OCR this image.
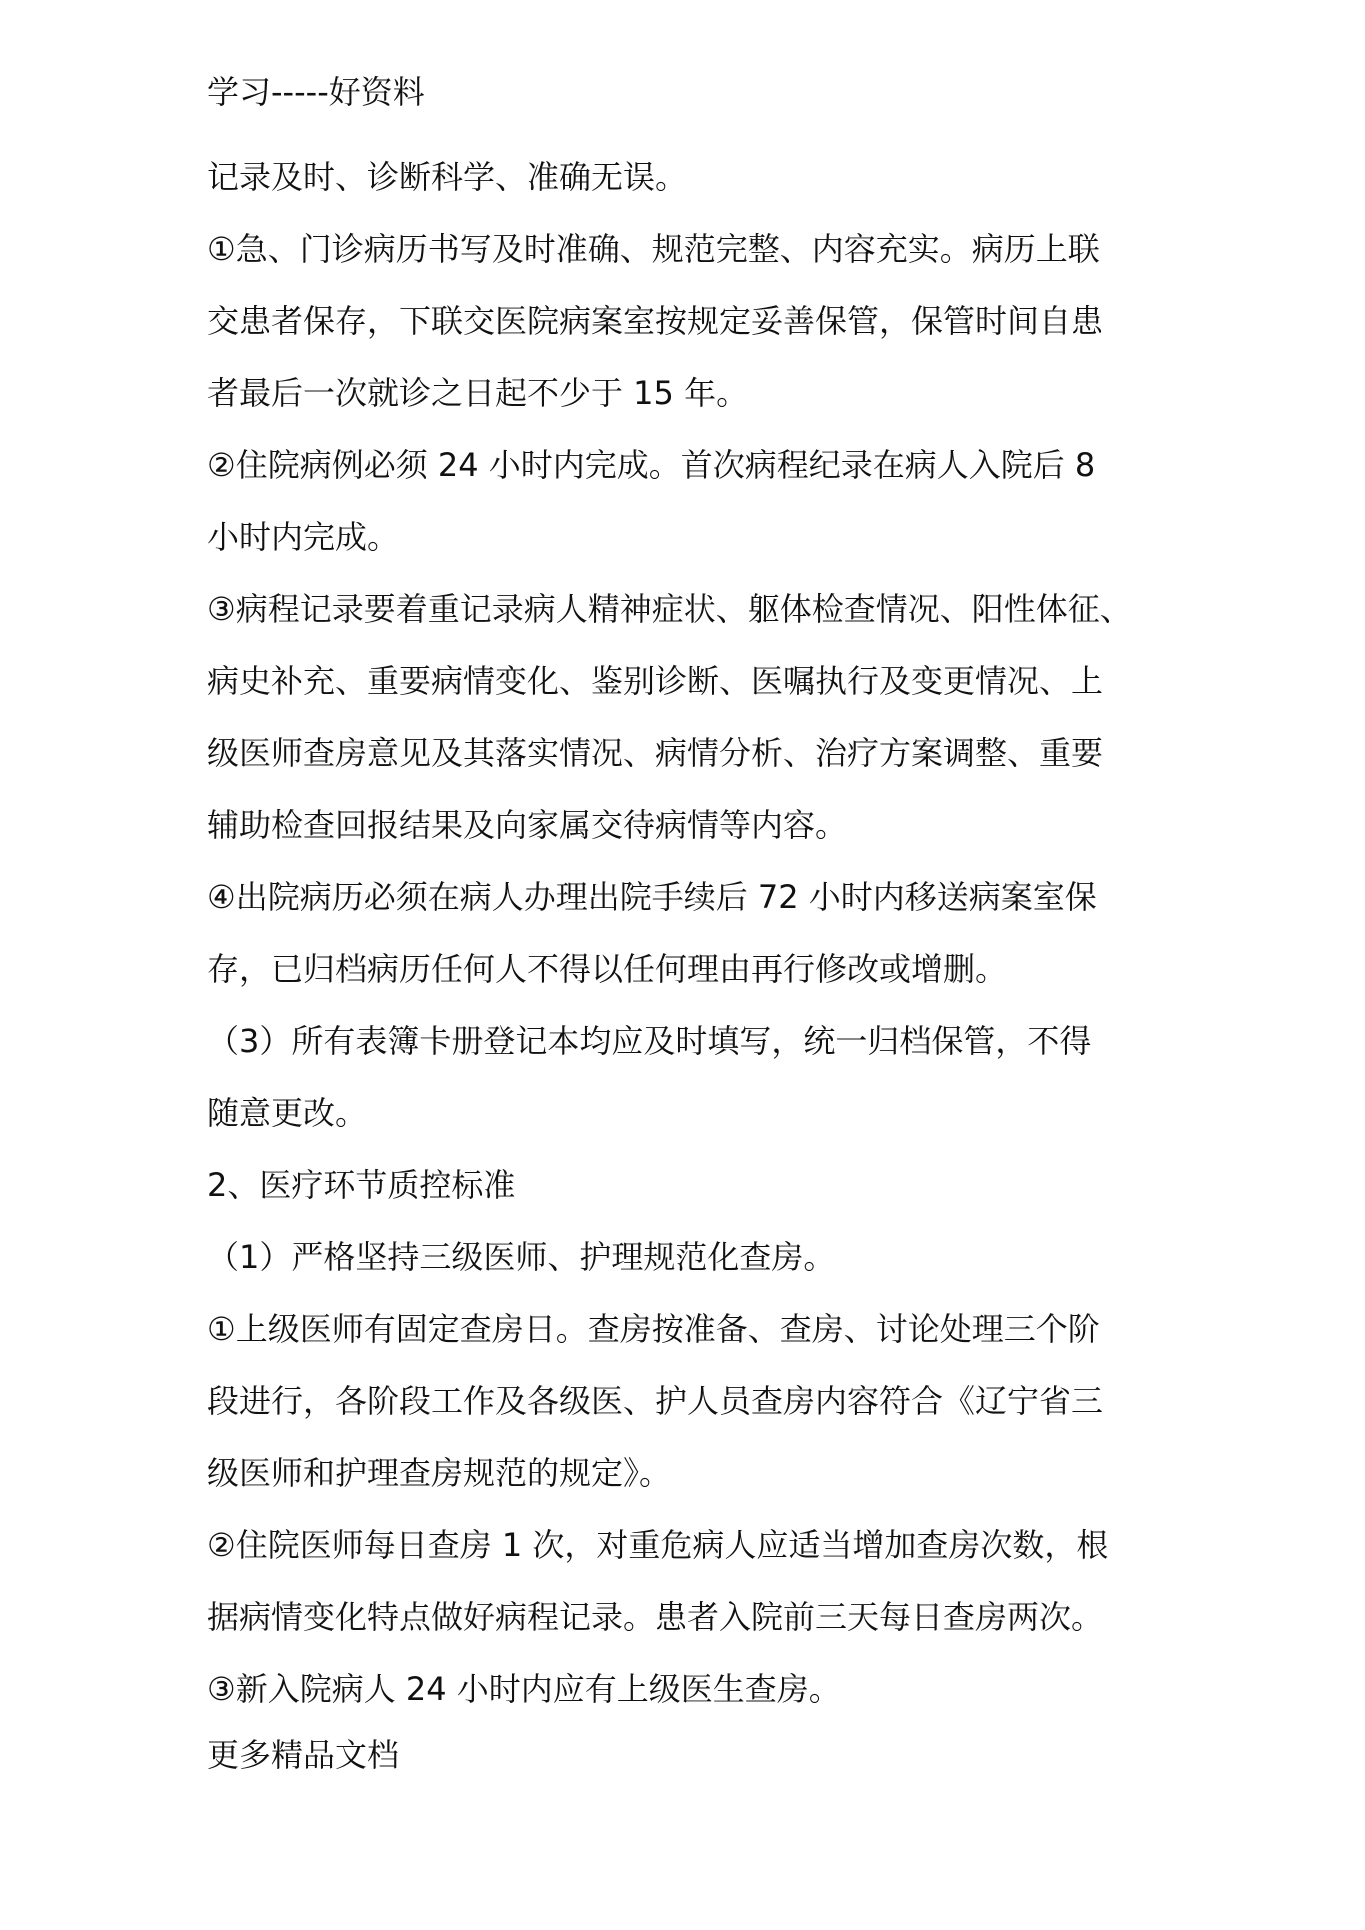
学习-----好资料
记录及时、诊断科学、准确无误。
①急、门诊病历书写及时准确、规范完整、内容充实。病历上联
交患者保存，下联交医院病案室按规定妥善保管，保管时间自患
者最后一次就诊之日起不少于 15 年。
②住院病例必须 24 小时内完成。首次病程纪录在病人入院后 8
小时内完成。
③病程记录要着重记录病人精神症状、躯体检查情况、阳性体征、
病史补充、重要病情变化、鉴别诊断、医嘱执行及变更情况、上
级医师查房意见及其落实情况、病情分析、治疗方案调整、重要
辅助检查回报结果及向家属交待病情等内容。
④出院病历必须在病人办理出院手续后 72 小时内移送病案室保
存，已归档病历任何人不得以任何理由再行修改或增删。
（3）所有表簿卡册登记本均应及时填写，统一归档保管，不得
随意更改。
2、医疗环节质控标准
（1）严格坚持三级医师、护理规范化查房。
①上级医师有固定查房日。查房按准备、查房、讨论处理三个阶
段进行，各阶段工作及各级医、护人员查房内容符合《辽宁省三
级医师和护理查房规范的规定》。
②住院医师每日查房 1 次，对重危病人应适当增加查房次数，根
据病情变化特点做好病程记录。患者入院前三天每日查房两次。
③新入院病人 24 小时内应有上级医生查房。
更多精品文档
